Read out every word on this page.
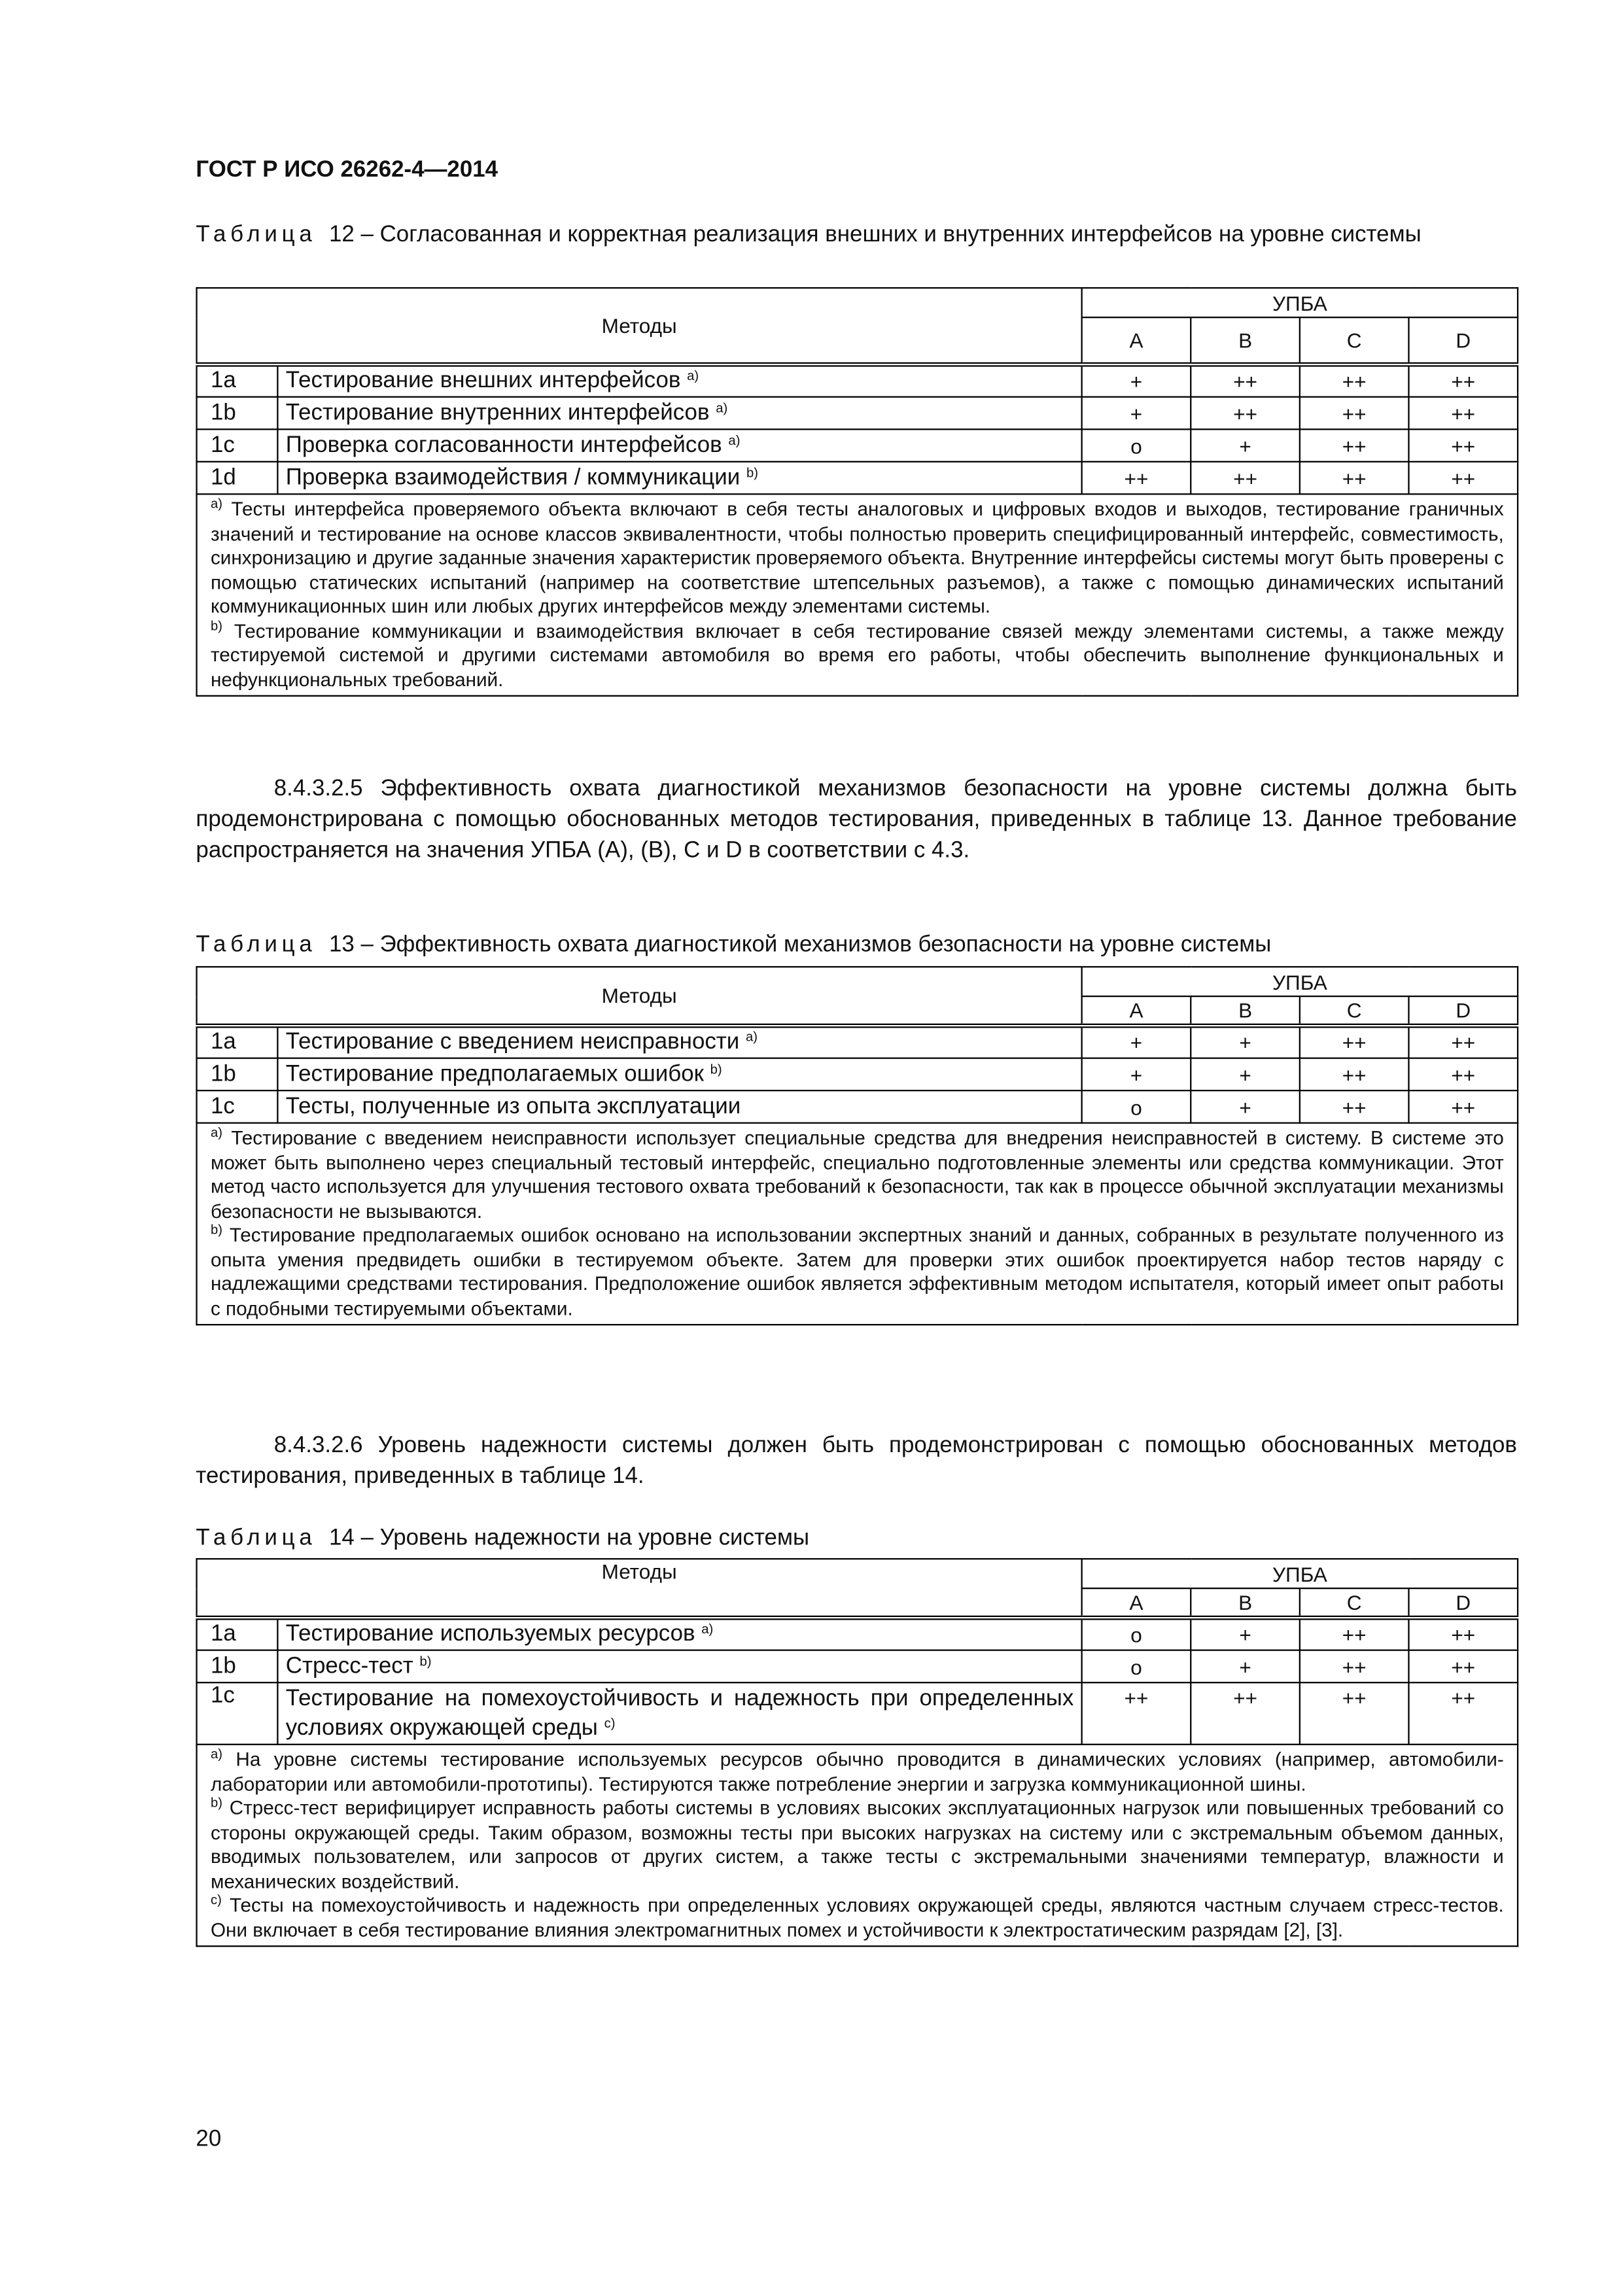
ГОСТ Р ИСО 26262-4—2014
Таблица 12 – Согласованная и корректная реализация внешних и внутренних интерфейсов на уровне системы
Методы		УПБА			
		A	B	C	D
1a	Тестирование внешних интерфейсов $^{a)}$	+	++	++	++
1b	Тестирование внутренних интерфейсов $^{a)}$	+	++	++	++
1c	Проверка согласованности интерфейсов $^{a)}$	o	+	++	++
1d	Проверка взаимодействия / коммуникации $^{b)}$	++	++	++	++

$^{a)}$ Тесты интерфейса проверяемого объекта включают в себя тесты аналоговых и цифровых входов и выходов, тестирование граничных значений и тестирование на основе классов эквивалентности, чтобы полностью проверить специфицированный интерфейс, совместимость, синхронизацию и другие заданные значения характеристик проверяемого объекта. Внутренние интерфейсы системы могут быть проверены с помощью статических испытаний (например на соответствие штепсельных разъемов), а также с помощью динамических испытаний коммуникационных шин или любых других интерфейсов между элементами системы.
$^{b)}$ Тестирование коммуникации и взаимодействия включает в себя тестирование связей между элементами системы, а также между тестируемой системой и другими системами автомобиля во время его работы, чтобы обеспечить выполнение функциональных и нефункциональных требований.					
8.4.3.2.5 Эффективность охвата диагностикой механизмов безопасности на уровне системы должна быть продемонстрирована с помощью обоснованных методов тестирования, приведенных в таблице 13. Данное требование распространяется на значения УПБА (А), (В), С и D в соответствии с 4.3.
Таблица 13 – Эффективность охвата диагностикой механизмов безопасности на уровне системы
Методы		УПБА			
		A	B	C	D
1a	Тестирование с введением неисправности $^{a)}$	+	+	++	++
1b	Тестирование предполагаемых ошибок $^{b)}$	+	+	++	++
1c	Тесты, полученные из опыта эксплуатации	o	+	++	++

$^{a)}$ Тестирование с введением неисправности использует специальные средства для внедрения неисправностей в систему. В системе это может быть выполнено через специальный тестовый интерфейс, специально подготовленные элементы или средства коммуникации. Этот метод часто используется для улучшения тестового охвата требований к безопасности, так как в процессе обычной эксплуатации механизмы безопасности не вызываются.
$^{b)}$ Тестирование предполагаемых ошибок основано на использовании экспертных знаний и данных, собранных в результате полученного из опыта умения предвидеть ошибки в тестируемом объекте. Затем для проверки этих ошибок проектируется набор тестов наряду с надлежащими средствами тестирования. Предположение ошибок является эффективным методом испытателя, который имеет опыт работы с подобными тестируемыми объектами.					
8.4.3.2.6 Уровень надежности системы должен быть продемонстрирован с помощью обоснованных методов тестирования, приведенных в таблице 14.
Таблица 14 – Уровень надежности на уровне системы
Методы		УПБА			
		A	B	C	D
1a	Тестирование используемых ресурсов $^{a)}$	o	+	++	++
1b	Стресс-тест $^{b)}$	o	+	++	++
1c	Тестирование на помехоустойчивость и надежность при определенных условиях окружающей среды $^{c)}$	++	++	++	++

$^{a)}$ На уровне системы тестирование используемых ресурсов обычно проводится в динамических условиях (например, автомобили-лаборатории или автомобили-прототипы). Тестируются также потребление энергии и загрузка коммуникационной шины.
$^{b)}$ Стресс-тест верифицирует исправность работы системы в условиях высоких эксплуатационных нагрузок или повышенных требований со стороны окружающей среды. Таким образом, возможны тесты при высоких нагрузках на систему или с экстремальным объемом данных, вводимых пользователем, или запросов от других систем, а также тесты с экстремальными значениями температур, влажности и механических воздействий.
$^{c)}$ Тесты на помехоустойчивость и надежность при определенных условиях окружающей среды, являются частным случаем стресс-тестов. Они включает в себя тестирование влияния электромагнитных помех и устойчивости к электростатическим разрядам [2], [3].					
20
